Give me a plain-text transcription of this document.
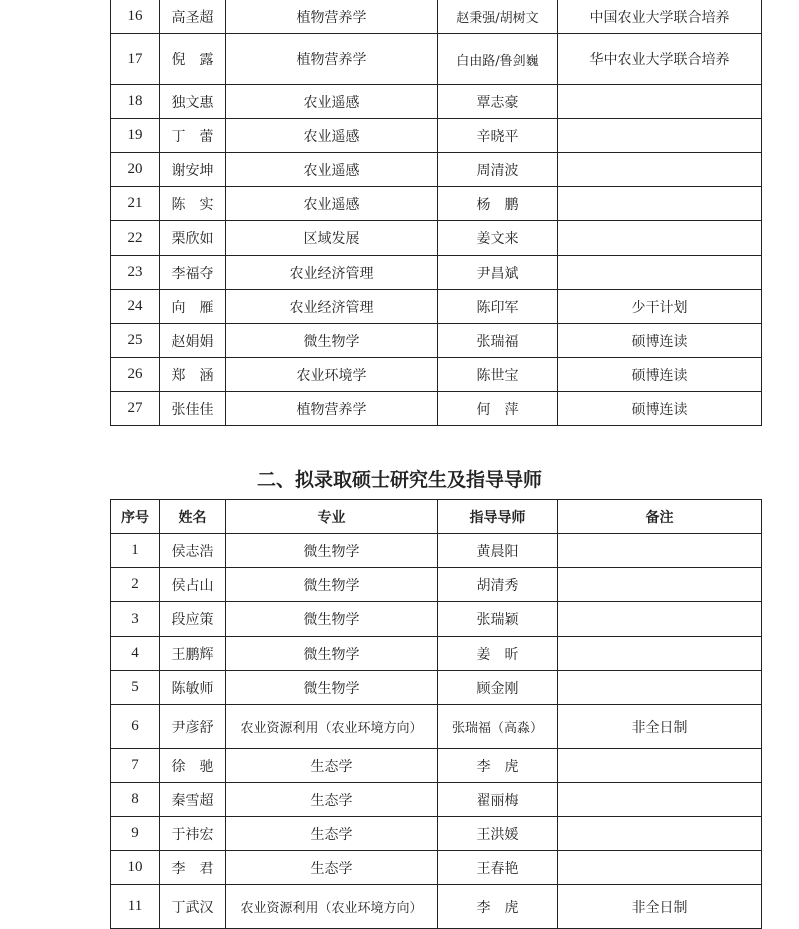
16	高圣超	植物营养学	赵秉强/胡树文	中国农业大学联合培养
17	倪　露	植物营养学	白由路/鲁剑巍	华中农业大学联合培养
18	独文惠	农业遥感	覃志豪	
19	丁　蕾	农业遥感	辛晓平	
20	谢安坤	农业遥感	周清波	
21	陈　实	农业遥感	杨　鹏	
22	栗欣如	区域发展	姜文来	
23	李福夺	农业经济管理	尹昌斌	
24	向　雁	农业经济管理	陈印军	少干计划
25	赵娟娟	微生物学	张瑞福	硕博连读
26	郑　涵	农业环境学	陈世宝	硕博连读
27	张佳佳	植物营养学	何　萍	硕博连读
二、拟录取硕士研究生及指导导师
序号	姓名	专业	指导导师	备注
1	侯志浩	微生物学	黄晨阳	
2	侯占山	微生物学	胡清秀	
3	段应策	微生物学	张瑞颖	
4	王鹏辉	微生物学	姜　昕	
5	陈敏师	微生物学	顾金刚	
6	尹彦舒	农业资源利用（农业环境方向）	张瑞福（高淼）	非全日制
7	徐　驰	生态学	李　虎	
8	秦雪超	生态学	翟丽梅	
9	于祎宏	生态学	王洪媛	
10	李　君	生态学	王春艳	
11	丁武汉	农业资源利用（农业环境方向）	李　虎	非全日制
